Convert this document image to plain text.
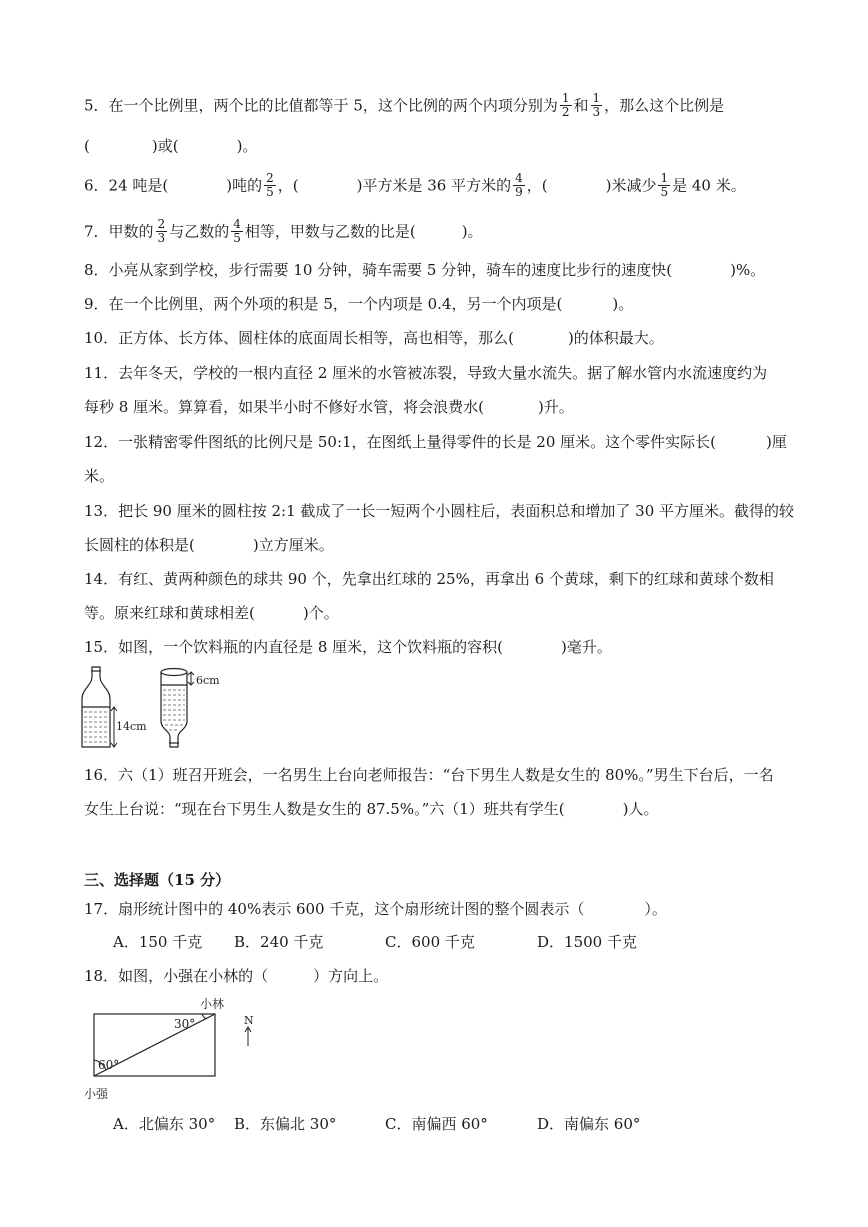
5．在一个比例里，两个比的比值都等于 5，这个比例的两个内项分别为 $\frac{1}{2}$ 和 $\frac{1}{3}$ ，那么这个比例是
(	)或(	)。
6．24 吨是(	)吨的 $\frac{2}{5}$ ，(	)平方米是 36 平方米的 $\frac{4}{9}$ ，(	)米减少 $\frac{1}{5}$ 是 40 米。
7．甲数的 $\frac{2}{3}$ 与乙数的 $\frac{4}{5}$ 相等，甲数与乙数的比是(	)。
8．小亮从家到学校，步行需要 10 分钟，骑车需要 5 分钟，骑车的速度比步行的速度快(	)%。
9．在一个比例里，两个外项的积是 5，一个内项是 0.4，另一个内项是(	)。
10．正方体、长方体、圆柱体的底面周长相等，高也相等，那么(	)的体积最大。
11．去年冬天，学校的一根内直径 2 厘米的水管被冻裂，导致大量水流失。据了解水管内水流速度约为
每秒 8 厘米。算算看，如果半小时不修好水管，将会浪费水(	)升。
12．一张精密零件图纸的比例尺是 50:1，在图纸上量得零件的长是 20 厘米。这个零件实际长(	)厘
米。
13．把长 90 厘米的圆柱按 2:1 截成了一长一短两个小圆柱后，表面积总和增加了 30 平方厘米。截得的较
长圆柱的体积是(	)立方厘米。
14．有红、黄两种颜色的球共 90 个，先拿出红球的 25%，再拿出 6 个黄球，剩下的红球和黄球个数相
等。原来红球和黄球相差(	)个。
15．如图，一个饮料瓶的内直径是 8 厘米，这个饮料瓶的容积(	)毫升。
14cm
6cm
16．六（1）班召开班会，一名男生上台向老师报告：“台下男生人数是女生的 80%。”男生下台后，一名
女生上台说：“现在台下男生人数是女生的 87.5%。”六（1）班共有学生(	)人。
三、选择题（15 分）
17．扇形统计图中的 40%表示 600 千克，这个扇形统计图的整个圆表示（　　　　）。
A．150 千克 B．240 千克	C．600 千克	D．1500 千克
18．如图，小强在小林的（　　　）方向上。
小林
30°
60°
小强
N
A．北偏东 30° B．东偏北 30°	C．南偏西 60°	D．南偏东 60°
